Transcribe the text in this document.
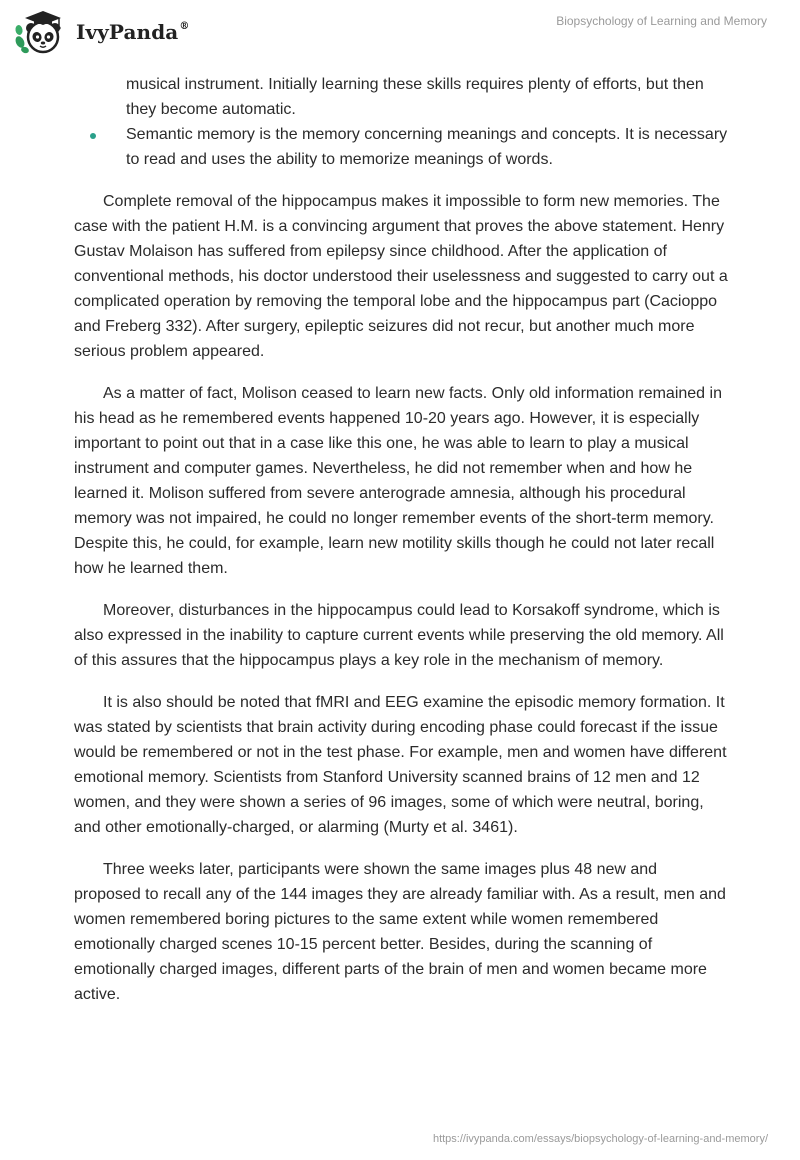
IvyPanda®	Biopsychology of Learning and Memory
musical instrument. Initially learning these skills requires plenty of efforts, but then they become automatic.
Semantic memory is the memory concerning meanings and concepts. It is necessary to read and uses the ability to memorize meanings of words.

Complete removal of the hippocampus makes it impossible to form new memories. The case with the patient H.M. is a convincing argument that proves the above statement. Henry Gustav Molaison has suffered from epilepsy since childhood. After the application of conventional methods, his doctor understood their uselessness and suggested to carry out a complicated operation by removing the temporal lobe and the hippocampus part (Cacioppo and Freberg 332). After surgery, epileptic seizures did not recur, but another much more serious problem appeared.

As a matter of fact, Molison ceased to learn new facts. Only old information remained in his head as he remembered events happened 10-20 years ago. However, it is especially important to point out that in a case like this one, he was able to learn to play a musical instrument and computer games. Nevertheless, he did not remember when and how he learned it. Molison suffered from severe anterograde amnesia, although his procedural memory was not impaired, he could no longer remember events of the short-term memory. Despite this, he could, for example, learn new motility skills though he could not later recall how he learned them.

Moreover, disturbances in the hippocampus could lead to Korsakoff syndrome, which is also expressed in the inability to capture current events while preserving the old memory. All of this assures that the hippocampus plays a key role in the mechanism of memory.

It is also should be noted that fMRI and EEG examine the episodic memory formation. It was stated by scientists that brain activity during encoding phase could forecast if the issue would be remembered or not in the test phase. For example, men and women have different emotional memory. Scientists from Stanford University scanned brains of 12 men and 12 women, and they were shown a series of 96 images, some of which were neutral, boring, and other emotionally-charged, or alarming (Murty et al. 3461).

Three weeks later, participants were shown the same images plus 48 new and proposed to recall any of the 144 images they are already familiar with. As a result, men and women remembered boring pictures to the same extent while women remembered emotionally charged scenes 10-15 percent better. Besides, during the scanning of emotionally charged images, different parts of the brain of men and women became more active.

https://ivypanda.com/essays/biopsychology-of-learning-and-memory/
